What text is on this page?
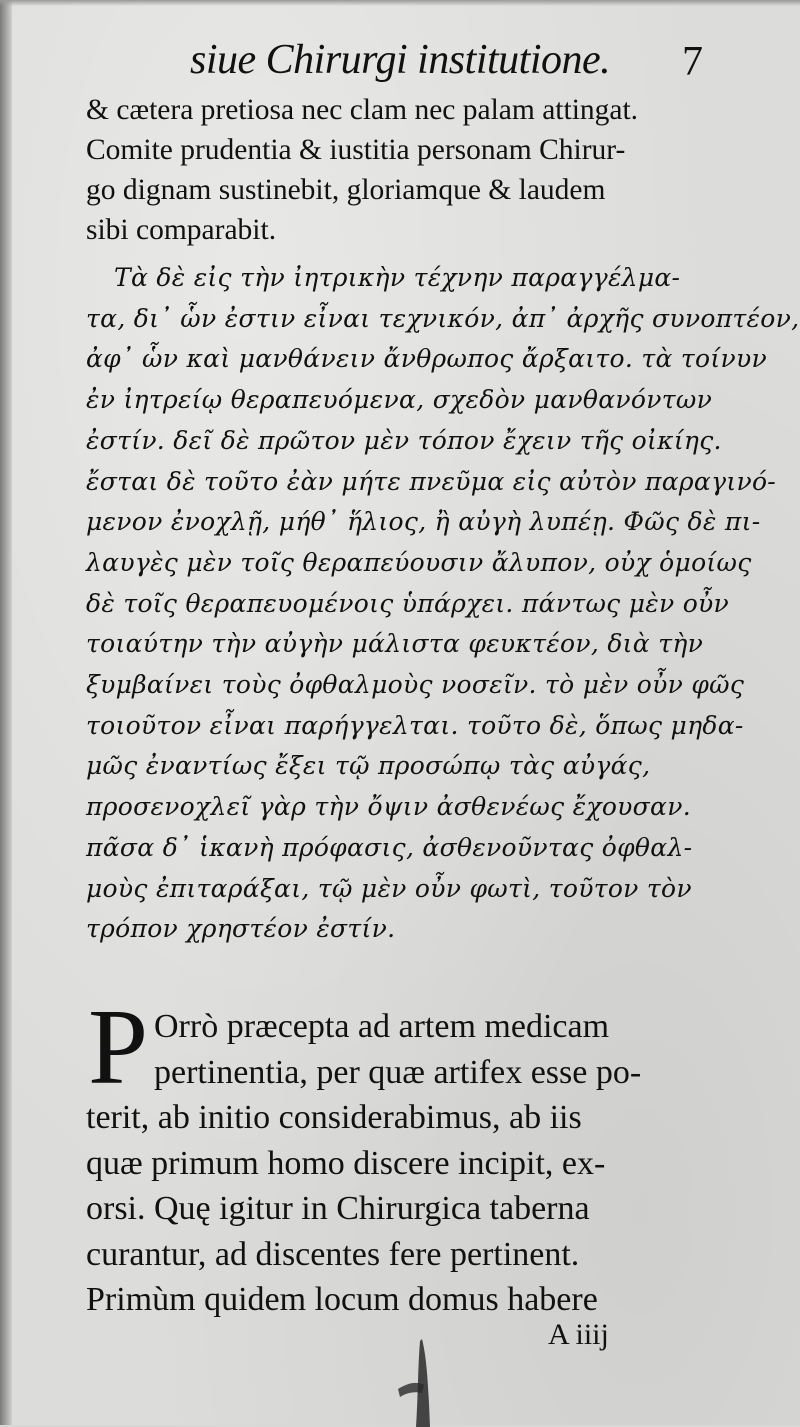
siue Chirurgi institutione. 7
& cætera pretiosa nec clam nec palam attingat.
Comite prudentia & iustitia personam Chirur-
go dignam sustinebit, gloriamque & laudem
sibi comparabit.
Τὰ δὲ εἰς τὴν ἰητρικὴν τέχνην παραγγέλμα-
τα, δι᾽ ὧν ἐστιν εἶναι τεχνικόν, ἀπ᾽ ἀρχῆς συνοπτέον,
ἀφ᾽ ὧν καὶ μανθάνειν ἄνθρωπος ἄρξαιτο. τὰ τοίνυν
ἐν ἰητρείῳ θεραπευόμενα, σχεδὸν μανθανόντων
ἐστίν. δεῖ δὲ πρῶτον μὲν τόπον ἔχειν τῆς οἰκίης.
ἔσται δὲ τοῦτο ἐὰν μήτε πνεῦμα εἰς αὐτὸν παραγινό-
μενον ἐνοχλῇ, μήθ᾽ ἥλιος, ἢ αὐγὴ λυπέῃ. Φῶς δὲ πι-
λαυγὲς μὲν τοῖς θεραπεύουσιν ἄλυπον, οὐχ ὁμοίως
δὲ τοῖς θεραπευομένοις ὑπάρχει. πάντως μὲν οὖν
τοιαύτην τὴν αὐγὴν μάλιστα φευκτέον, διὰ τὴν
ξυμβαίνει τοὺς ὀφθαλμοὺς νοσεῖν. τὸ μὲν οὖν φῶς
τοιοῦτον εἶναι παρήγγελται. τοῦτο δὲ, ὅπως μηδα-
μῶς ἐναντίως ἔξει τῷ προσώπῳ τὰς αὐγάς,
προσενοχλεῖ γὰρ τὴν ὄψιν ἀσθενέως ἔχουσαν.
πᾶσα δ᾽ ἱκανὴ πρόφασις, ἀσθενοῦντας ὀφθαλ-
μοὺς ἐπιταράξαι, τῷ μὲν οὖν φωτὶ, τοῦτον τὸν
τρόπον χρηστέον ἐστίν.
P Orrò præcepta ad artem medicam
pertinentia, per quæ artifex esse po-
terit, ab initio considerabimus, ab iis
quæ primum homo discere incipit, ex-
orsi. Quę igitur in Chirurgica taberna
curantur, ad discentes fere pertinent.
Primùm quidem locum domus habere
A iiij
